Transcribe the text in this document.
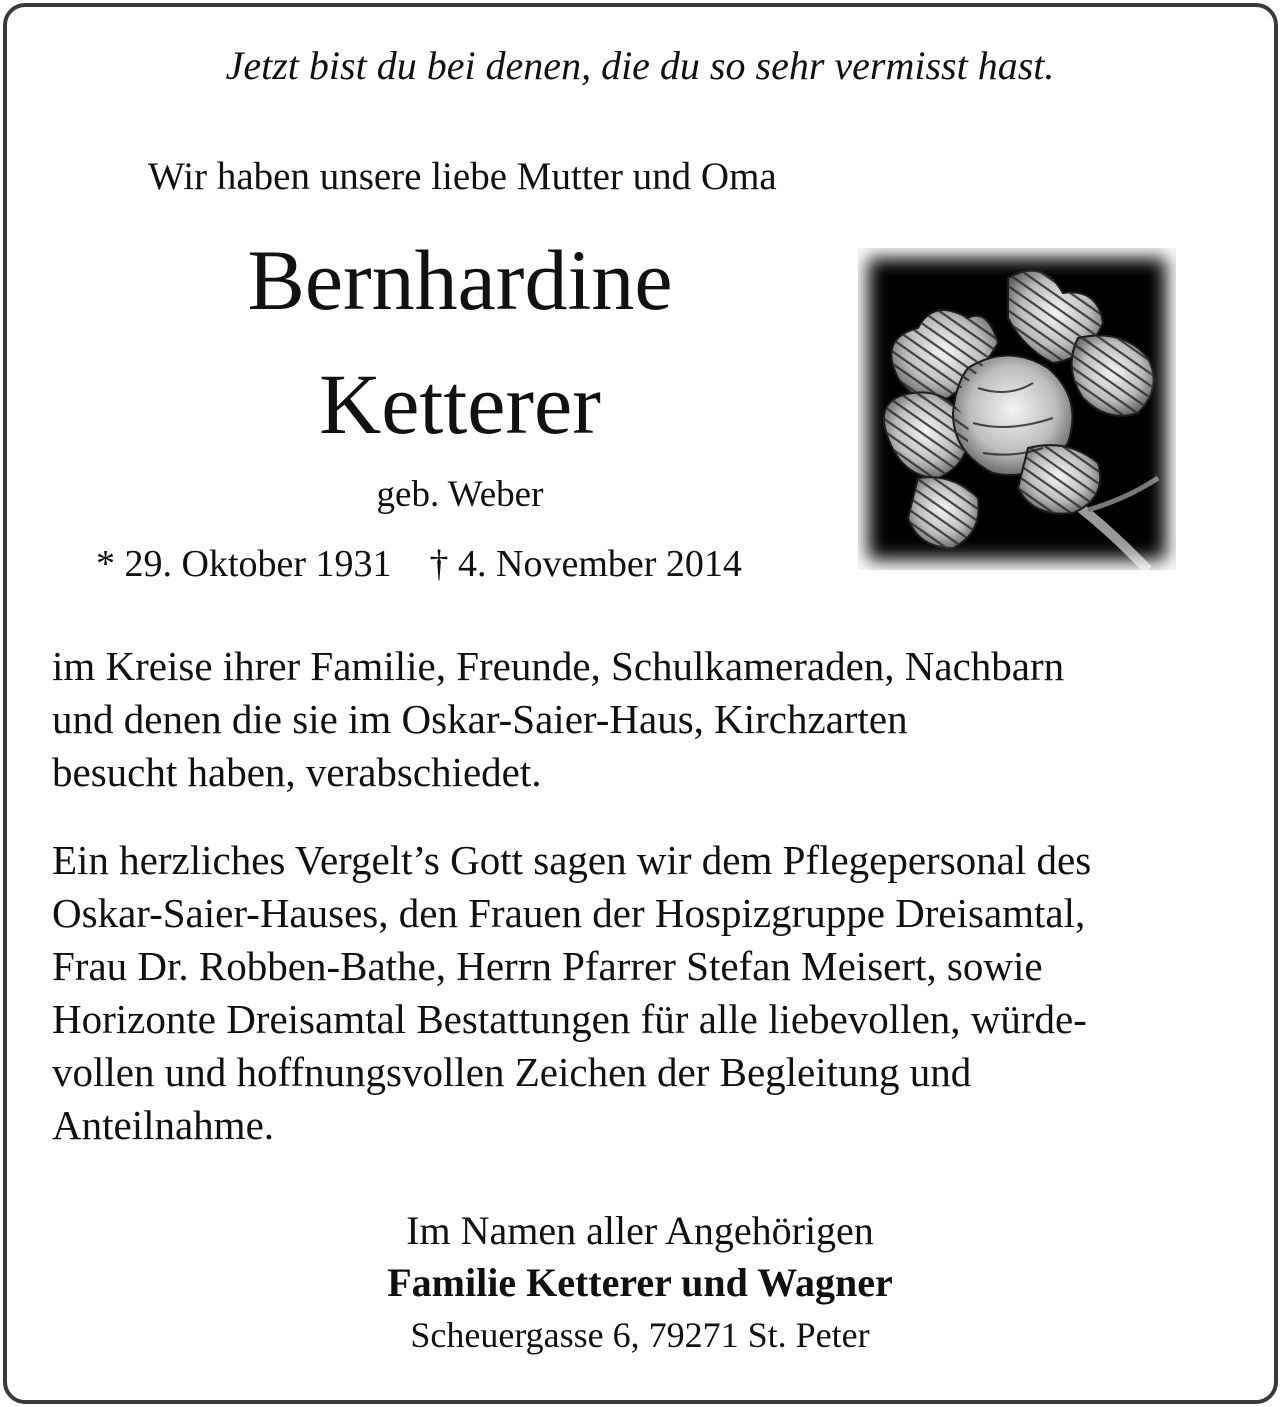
Jetzt bist du bei denen, die du so sehr vermisst hast.
Wir haben unsere liebe Mutter und Oma
Bernhardine
Ketterer
geb. Weber
* 29. Oktober 1931 † 4. November 2014
im Kreise ihrer Familie, Freunde, Schulkameraden, Nachbarn
und denen die sie im Oskar-Saier-Haus, Kirchzarten
besucht haben, verabschiedet.
Ein herzliches Vergelt’s Gott sagen wir dem Pflegepersonal des
Oskar-Saier-Hauses, den Frauen der Hospizgruppe Dreisamtal,
Frau Dr. Robben-Bathe, Herrn Pfarrer Stefan Meisert, sowie
Horizonte Dreisamtal Bestattungen für alle liebevollen, würde-
vollen und hoffnungsvollen Zeichen der Begleitung und
Anteilnahme.
Im Namen aller Angehörigen
Familie Ketterer und Wagner
Scheuergasse 6, 79271 St. Peter
